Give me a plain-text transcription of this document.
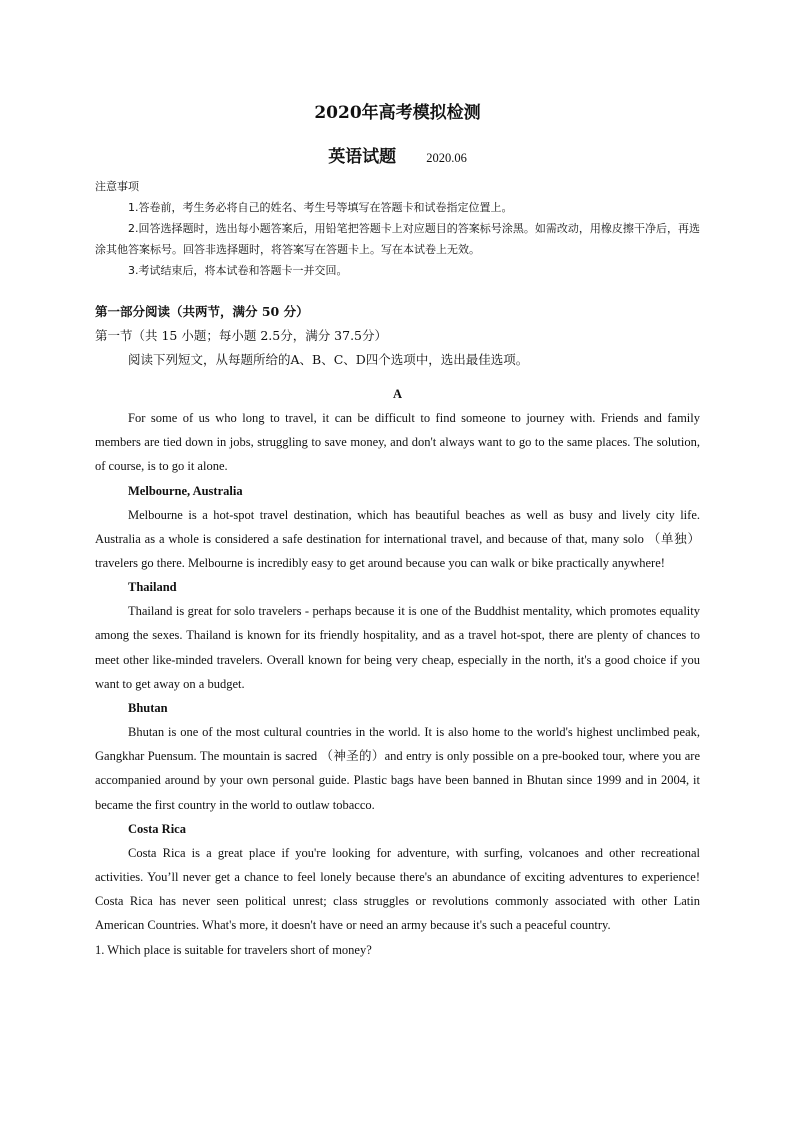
2020年高考模拟检测
英语试题 2020.06
注意事项
1.答卷前，考生务必将自己的姓名、考生号等填写在答题卡和试卷指定位置上。
2.回答选择题时，选出每小题答案后，用铅笔把答题卡上对应题目的答案标号涂黑。如需改动，用橡皮擦干净后，再选涂其他答案标号。回答非选择题时，将答案写在答题卡上。写在本试卷上无效。
3.考试结束后，将本试卷和答题卡一并交回。
第一部分阅读（共两节，满分 50 分）
第一节（共 15 小题；每小题 2.5分，满分 37.5分）
阅读下列短文，从每题所给的A、B、C、D四个选项中，选出最佳选项。
A

For some of us who long to travel, it can be difficult to find someone to journey with. Friends and family members are tied down in jobs, struggling to save money, and don't always want to go to the same places. The solution, of course, is to go it alone.

Melbourne, Australia

Melbourne is a hot-spot travel destination, which has beautiful beaches as well as busy and lively city life. Australia as a whole is considered a safe destination for international travel, and because of that, many solo （单独）travelers go there. Melbourne is incredibly easy to get around because you can walk or bike practically anywhere!

Thailand

Thailand is great for solo travelers - perhaps because it is one of the Buddhist mentality, which promotes equality among the sexes. Thailand is known for its friendly hospitality, and as a travel hot-spot, there are plenty of chances to meet other like-minded travelers. Overall known for being very cheap, especially in the north, it's a good choice if you want to get away on a budget.

Bhutan

Bhutan is one of the most cultural countries in the world. It is also home to the world's highest unclimbed peak, Gangkhar Puensum. The mountain is sacred （神圣的）and entry is only possible on a pre-booked tour, where you are accompanied around by your own personal guide. Plastic bags have been banned in Bhutan since 1999 and in 2004, it became the first country in the world to outlaw tobacco.

Costa Rica

Costa Rica is a great place if you're looking for adventure, with surfing, volcanoes and other recreational activities. You’ll never get a chance to feel lonely because there's an abundance of exciting adventures to experience! Costa Rica has never seen political unrest; class struggles or revolutions commonly associated with other Latin American Countries. What's more, it doesn't have or need an army because it's such a peaceful country.

1. Which place is suitable for travelers short of money?
